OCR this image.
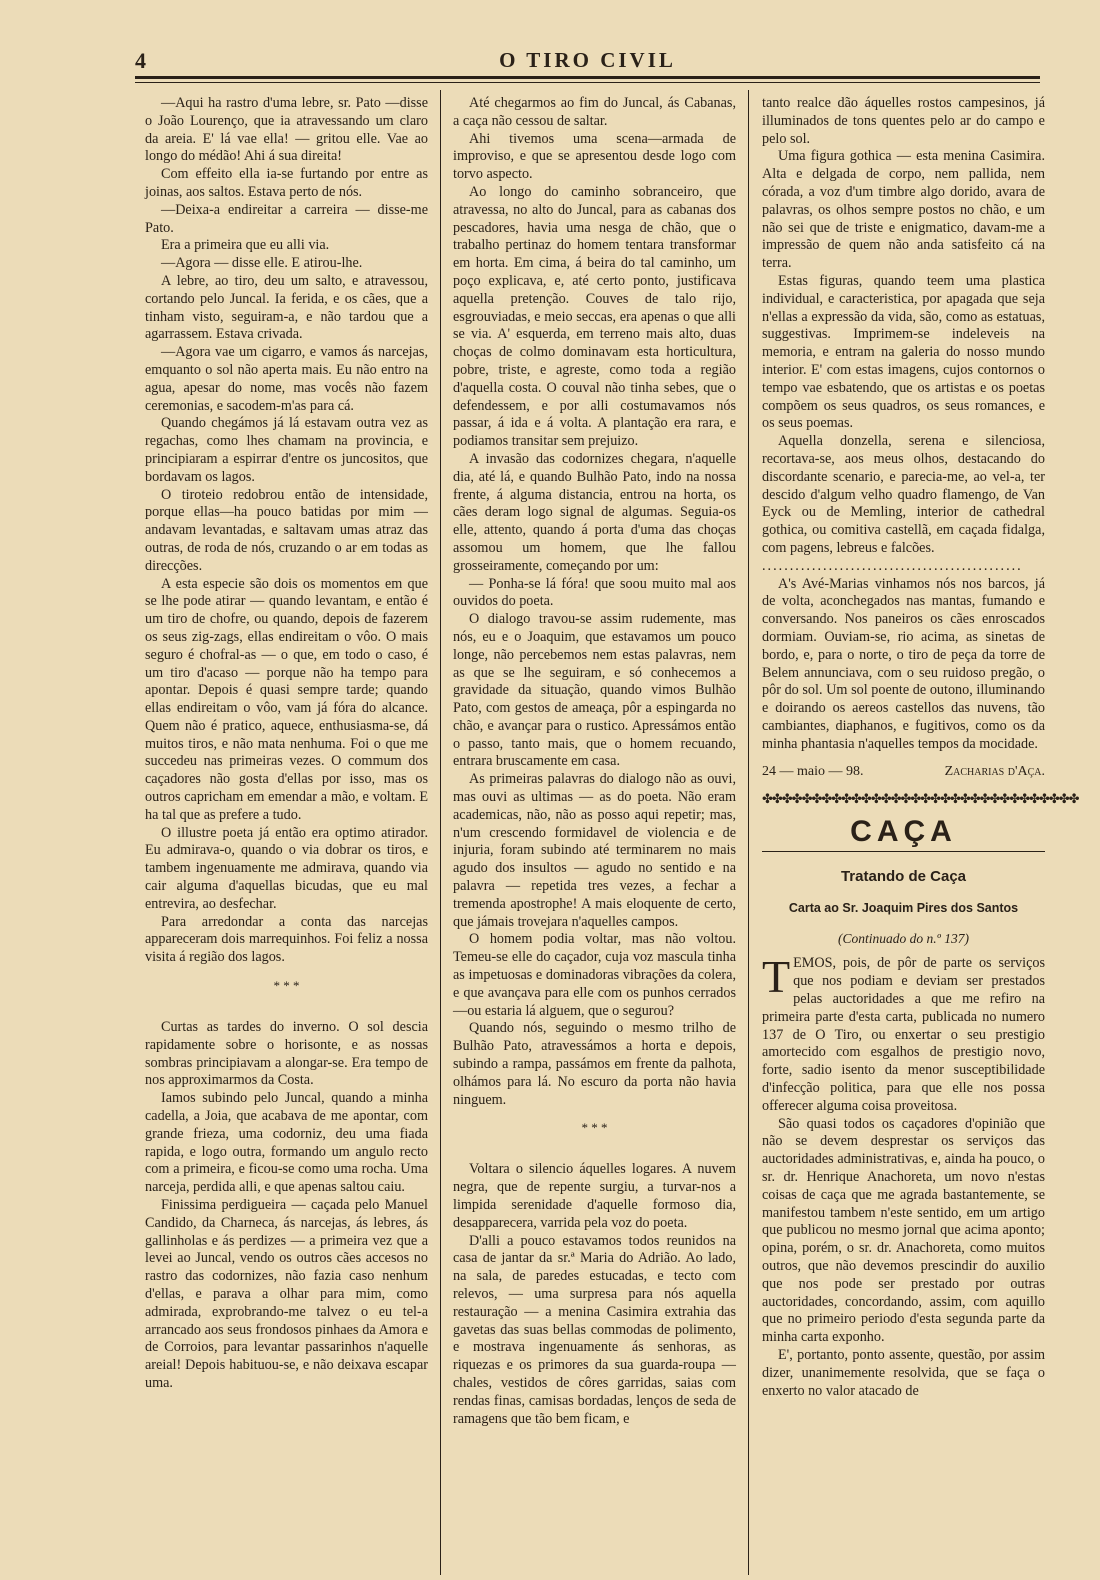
4	O TIRO CIVIL

—Aqui ha rastro d'uma lebre, sr. Pato —disse o João Lourenço, que ia atravessando um claro da areia. E' lá vae ella! — gritou elle. Vae ao longo do médão! Ahi á sua direita!

Com effeito ella ia-se furtando por entre as joinas, aos saltos. Estava perto de nós.

—Deixa-a endireitar a carreira — disse-me Pato.

Era a primeira que eu alli via.

—Agora — disse elle. E atirou-lhe.

A lebre, ao tiro, deu um salto, e atravessou, cortando pelo Juncal. Ia ferida, e os cães, que a tinham visto, seguiram-a, e não tardou que a agarrassem. Estava crivada.

—Agora vae um cigarro, e vamos ás narcejas, emquanto o sol não aperta mais. Eu não entro na agua, apesar do nome, mas vocês não fazem ceremonias, e sacodem-m'as para cá.

Quando chegámos já lá estavam outra vez as regachas, como lhes chamam na provincia, e principiaram a espirrar d'entre os juncositos, que bordavam os lagos.

O tiroteio redobrou então de intensidade, porque ellas—ha pouco batidas por mim — andavam levantadas, e saltavam umas atraz das outras, de roda de nós, cruzando o ar em todas as direcções.

A esta especie são dois os momentos em que se lhe pode atirar — quando levantam, e então é um tiro de chofre, ou quando, depois de fazerem os seus zig-zags, ellas endireitam o vôo. O mais seguro é chofral-as — o que, em todo o caso, é um tiro d'acaso — porque não ha tempo para apontar. Depois é quasi sempre tarde; quando ellas endireitam o vôo, vam já fóra do alcance. Quem não é pratico, aquece, enthusiasma-se, dá muitos tiros, e não mata nenhuma. Foi o que me succedeu nas primeiras vezes. O commum dos caçadores não gosta d'ellas por isso, mas os outros capricham em emendar a mão, e voltam. E ha tal que as prefere a tudo.

O illustre poeta já então era optimo atirador. Eu admirava-o, quando o via dobrar os tiros, e tambem ingenuamente me admirava, quando via cair alguma d'aquellas bicudas, que eu mal entrevira, ao desfechar.

Para arredondar a conta das narcejas appareceram dois marrequinhos. Foi feliz a nossa visita á região dos lagos.

* * *

Curtas as tardes do inverno. O sol descia rapidamente sobre o horisonte, e as nossas sombras principiavam a alongar-se. Era tempo de nos approximarmos da Costa.

Iamos subindo pelo Juncal, quando a minha cadella, a Joia, que acabava de me apontar, com grande frieza, uma codorniz, deu uma fiada rapida, e logo outra, formando um angulo recto com a primeira, e ficou-se como uma rocha. Uma narceja, perdida alli, e que apenas saltou caiu.

Finissima perdigueira — caçada pelo Manuel Candido, da Charneca, ás narcejas, ás lebres, ás gallinholas e ás perdizes — a primeira vez que a levei ao Juncal, vendo os outros cães accesos no rastro das codornizes, não fazia caso nenhum d'ellas, e parava a olhar para mim, como admirada, exprobrando-me talvez o eu tel-a arrancado aos seus frondosos pinhaes da Amora e de Corroios, para levantar passarinhos n'aquelle areial! Depois habituou-se, e não deixava escapar uma.

Até chegarmos ao fim do Juncal, ás Cabanas, a caça não cessou de saltar.

Ahi tivemos uma scena—armada de improviso, e que se apresentou desde logo com torvo aspecto.

Ao longo do caminho sobranceiro, que atravessa, no alto do Juncal, para as cabanas dos pescadores, havia uma nesga de chão, que o trabalho pertinaz do homem tentara transformar em horta. Em cima, á beira do tal caminho, um poço explicava, e, até certo ponto, justificava aquella pretenção. Couves de talo rijo, esgrouviadas, e meio seccas, era apenas o que alli se via. A' esquerda, em terreno mais alto, duas choças de colmo dominavam esta horticultura, pobre, triste, e agreste, como toda a região d'aquella costa. O couval não tinha sebes, que o defendessem, e por alli costumavamos nós passar, á ida e á volta. A plantação era rara, e podiamos transitar sem prejuizo.

A invasão das codornizes chegara, n'aquelle dia, até lá, e quando Bulhão Pato, indo na nossa frente, á alguma distancia, entrou na horta, os cães deram logo signal de algumas. Seguia-os elle, attento, quando á porta d'uma das choças assomou um homem, que lhe fallou grosseiramente, começando por um:

— Ponha-se lá fóra! que soou muito mal aos ouvidos do poeta.

O dialogo travou-se assim rudemente, mas nós, eu e o Joaquim, que estavamos um pouco longe, não percebemos nem estas palavras, nem as que se lhe seguiram, e só conhecemos a gravidade da situação, quando vimos Bulhão Pato, com gestos de ameaça, pôr a espingarda no chão, e avançar para o rustico. Apressámos então o passo, tanto mais, que o homem recuando, entrara bruscamente em casa.

As primeiras palavras do dialogo não as ouvi, mas ouvi as ultimas — as do poeta. Não eram academicas, não, não as posso aqui repetir; mas, n'um crescendo formidavel de violencia e de injuria, foram subindo até terminarem no mais agudo dos insultos — agudo no sentido e na palavra — repetida tres vezes, a fechar a tremenda apostrophe! A mais eloquente de certo, que jámais trovejara n'aquelles campos.

O homem podia voltar, mas não voltou. Temeu-se elle do caçador, cuja voz mascula tinha as impetuosas e dominadoras vibrações da colera, e que avançava para elle com os punhos cerrados—ou estaria lá alguem, que o segurou?

Quando nós, seguindo o mesmo trilho de Bulhão Pato, atravessámos a horta e depois, subindo a rampa, passámos em frente da palhota, olhámos para lá. No escuro da porta não havia ninguem.

* * *

Voltara o silencio áquelles logares. A nuvem negra, que de repente surgiu, a turvar-nos a limpida serenidade d'aquelle formoso dia, desapparecera, varrida pela voz do poeta.

D'alli a pouco estavamos todos reunidos na casa de jantar da sr.ª Maria do Adrião. Ao lado, na sala, de paredes estucadas, e tecto com relevos, — uma surpresa para nós aquella restauração — a menina Casimira extrahia das gavetas das suas bellas commodas de polimento, e mostrava ingenuamente ás senhoras, as riquezas e os primores da sua guarda-roupa — chales, vestidos de côres garridas, saias com rendas finas, camisas bordadas, lenços de seda de ramagens que tão bem ficam, e

tanto realce dão áquelles rostos campesinos, já illuminados de tons quentes pelo ar do campo e pelo sol.

Uma figura gothica — esta menina Casimira. Alta e delgada de corpo, nem pallida, nem córada, a voz d'um timbre algo dorido, avara de palavras, os olhos sempre postos no chão, e um não sei que de triste e enigmatico, davam-me a impressão de quem não anda satisfeito cá na terra.

Estas figuras, quando teem uma plastica individual, e caracteristica, por apagada que seja n'ellas a expressão da vida, são, como as estatuas, suggestivas. Imprimem-se indeleveis na memoria, e entram na galeria do nosso mundo interior. E' com estas imagens, cujos contornos o tempo vae esbatendo, que os artistas e os poetas compõem os seus quadros, os seus romances, e os seus poemas.

Aquella donzella, serena e silenciosa, recortava-se, aos meus olhos, destacando do discordante scenario, e parecia-me, ao vel-a, ter descido d'algum velho quadro flamengo, de Van Eyck ou de Memling, interior de cathedral gothica, ou comitiva castellã, em caçada fidalga, com pagens, lebreus e falcões.

...............................................

A's Avé-Marias vinhamos nós nos barcos, já de volta, aconchegados nas mantas, fumando e conversando. Nos paneiros os cães enroscados dormiam. Ouviam-se, rio acima, as sinetas de bordo, e, para o norte, o tiro de peça da torre de Belem annunciava, com o seu ruidoso pregão, o pôr do sol. Um sol poente de outono, illuminando e doirando os aereos castellos das nuvens, tão cambiantes, diaphanos, e fugitivos, como os da minha phantasia n'aquelles tempos da mocidade.

24 — maio — 98.	Zacharias d'Aça.
✤✤✤✤✤✤✤✤✤✤✤✤✤✤✤✤✤✤✤✤✤✤✤✤✤✤✤✤✤✤✤✤
CAÇA
Tratando de Caça
Carta ao Sr. Joaquim Pires dos Santos
(Continuado do n.º 137)

TEMOS, pois, de pôr de parte os serviços que nos podiam e deviam ser prestados pelas auctoridades a que me refiro na primeira parte d'esta carta, publicada no numero 137 de O Tiro, ou enxertar o seu prestigio amortecido com esgalhos de prestigio novo, forte, sadio isento da menor susceptibilidade d'infecção politica, para que elle nos possa offerecer alguma coisa proveitosa.

São quasi todos os caçadores d'opinião que não se devem desprestar os serviços das auctoridades administrativas, e, ainda ha pouco, o sr. dr. Henrique Anachoreta, um novo n'estas coisas de caça que me agrada bastantemente, se manifestou tambem n'este sentido, em um artigo que publicou no mesmo jornal que acima aponto; opina, porém, o sr. dr. Anachoreta, como muitos outros, que não devemos prescindir do auxilio que nos pode ser prestado por outras auctoridades, concordando, assim, com aquillo que no primeiro periodo d'esta segunda parte da minha carta exponho.

E', portanto, ponto assente, questão, por assim dizer, unanimemente resolvida, que se faça o enxerto no valor atacado de
